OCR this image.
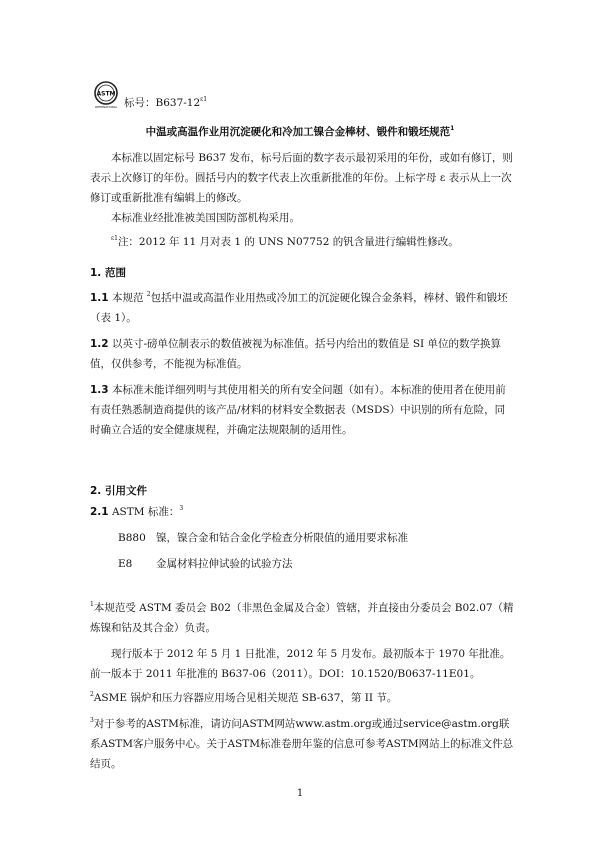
ASTM
INTERNATIONAL 标号：$B637-12^{\varepsilon 1}$
中温或高温作业用沉淀硬化和冷加工镍合金棒材、锻件和锻坯规范$^1$

本标准以固定标号 B637 发布，标号后面的数字表示最初采用的年份，或如有修订，则表示上次修订的年份。圆括号内的数字代表上次重新批准的年份。上标字母 ε 表示从上一次修订或重新批准有编辑上的修改。

本标准业经批准被美国国防部机构采用。

$^{\varepsilon 1}$注：2012 年 11 月对表 1 的 UNS N07752 的钒含量进行编辑性修改。

1. 范围

1.1 本规范 $^2$包括中温或高温作业用热或冷加工的沉淀硬化镍合金条料，棒材、锻件和锻坯（表 1）。

1.2 以英寸-磅单位制表示的数值被视为标准值。括号内给出的数值是 SI 单位的数学换算值，仅供参考，不能视为标准值。

1.3 本标准未能详细列明与其使用相关的所有安全问题（如有）。本标准的使用者在使用前有责任熟悉制造商提供的该产品/材料的材料安全数据表（MSDS）中识别的所有危险，同时确立合适的安全健康规程，并确定法规限制的适用性。

2. 引用文件

2.1 ASTM 标准：$^3$

B880 镍，镍合金和钴合金化学检查分析限值的通用要求标准

E8 金属材料拉伸试验的试验方法

$^1$本规范受 ASTM 委员会 B02（非黑色金属及合金）管辖，并直接由分委员会 B02.07（精炼镍和钴及其合金）负责。

现行版本于 2012 年 5 月 1 日批准，2012 年 5 月发布。最初版本于 1970 年批准。前一版本于 2011 年批准的 B637-06（2011）。DOI：10.1520/B0637-11E01。

$^2$ASME 锅炉和压力容器应用场合见相关规范 SB-637，第 II 节。

$^3$对于参考的ASTM标准，请访问ASTM网站www.astm.org或通过service@astm.org联系ASTM客户服务中心。关于ASTM标准卷册年鉴的信息可参考ASTM网站上的标准文件总结页。

1
